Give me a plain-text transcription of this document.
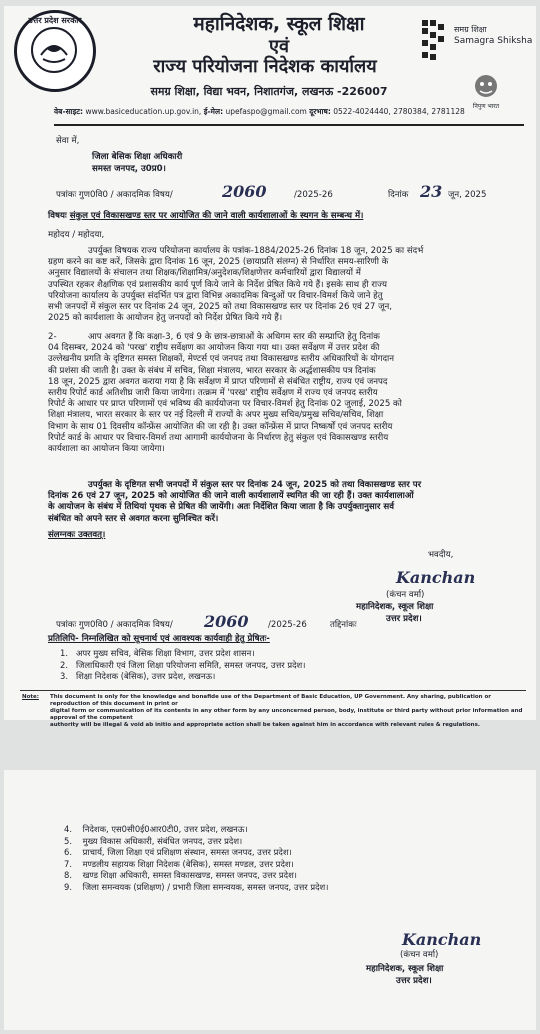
उत्तर प्रदेश सरकार	महानिदेशक, स्कूल शिक्षा
एवं
राज्य परियोजना निदेशक कार्यालय
समग्र शिक्षा, विद्या भवन, निशातगंज, लखनऊ -226007
समग्र शिक्षा
Samagra Shiksha
निपुण भारत
वेब-साइट: www.basiceducation.up.gov.in, ई-मेल: upefaspo@gmail.com दूरभाष: 0522-4024440, 2780384, 2781128
सेवा में,
जिला बेसिक शिक्षा अधिकारी
समस्त जनपद, उ0प्र0।
पत्रांकः गुण0वि0 / अकादमिक विषय/	2060	/2025-26	दिनांक 23 जून, 2025
विषयः संकुल एवं विकासखण्ड स्तर पर आयोजित की जाने वाली कार्यशालाओं के स्थगन के सम्बन्ध में।
महोदय / महोदया,
उपर्युक्त विषयक राज्य परियोजना कार्यालय के पत्रांक-1884/2025-26 दिनांक 18 जून, 2025 का संदर्भ
ग्रहण करने का कष्ट करें, जिसके द्वारा दिनांक 16 जून, 2025 (छायाप्रति संलग्न) से निर्धारित समय-सारिणी के
अनुसार विद्यालयों के संचालन तथा शिक्षक/शिक्षामित्र/अनुदेशक/शिक्षणेत्तर कर्मचारियों द्वारा विद्यालयों में
उपस्थित रहकर शैक्षणिक एवं प्रशासकीय कार्य पूर्ण किये जाने के निर्देश प्रेषित किये गये हैं। इसके साथ ही राज्य
परियोजना कार्यालय के उपर्युक्त संदर्भित पत्र द्वारा विभिन्न अकादमिक बिन्दुओं पर विचार-विमर्श किये जाने हेतु
सभी जनपदों में संकुल स्तर पर दिनांक 24 जून, 2025 को तथा विकासखण्ड स्तर पर दिनांक 26 एवं 27 जून,
2025 को कार्यशाला के आयोजन हेतु जनपदों को निर्देश प्रेषित किये गये हैं।
2-	आप अवगत हैं कि कक्षा-3, 6 एवं 9 के छात्र-छात्राओं के अधिगम स्तर की सम्प्राप्ति हेतु दिनांक
04 दिसम्बर, 2024 को 'परख' राष्ट्रीय सर्वेक्षण का आयोजन किया गया था। उक्त सर्वेक्षण में उत्तर प्रदेश की
उल्लेखनीय प्रगति के दृष्टिगत समस्त शिक्षकों, मेण्टर्स एवं जनपद तथा विकासखण्ड स्तरीय अधिकारियों के योगदान
की प्रशंसा की जाती है। उक्त के संबंध में सचिव, शिक्षा मंत्रालय, भारत सरकार के अर्द्धशासकीय पत्र दिनांक
18 जून, 2025 द्वारा अवगत कराया गया है कि सर्वेक्षण में प्राप्त परिणामों से संबंधित राष्ट्रीय, राज्य एवं जनपद
स्तरीय रिपोर्ट कार्ड अतिशीघ्र जारी किया जायेगा। तत्क्रम में 'परख' राष्ट्रीय सर्वेक्षण में राज्य एवं जनपद स्तरीय
रिपोर्ट के आधार पर प्राप्त परिणामों एवं भविष्य की कार्ययोजना पर विचार-विमर्श हेतु दिनांक 02 जुलाई, 2025 को
शिक्षा मंत्रालय, भारत सरकार के स्तर पर नई दिल्ली में राज्यों के अपर मुख्य सचिव/प्रमुख सचिव/सचिव, शिक्षा
विभाग के साथ 01 दिवसीय कॉन्फ्रेंस आयोजित की जा रही है। उक्त कॉन्फ्रेंस में प्राप्त निष्कर्षों एवं जनपद स्तरीय
रिपोर्ट कार्ड के आधार पर विचार-विमर्श तथा आगामी कार्ययोजना के निर्धारण हेतु संकुल एवं विकासखण्ड स्तरीय
कार्यशाला का आयोजन किया जायेगा।
उपर्युक्त के दृष्टिगत सभी जनपदों में संकुल स्तर पर दिनांक 24 जून, 2025 को तथा विकासखण्ड स्तर पर
दिनांक 26 एवं 27 जून, 2025 को आयोजित की जाने वाली कार्यशालायें स्थगित की जा रही हैं। उक्त कार्यशालाओं
के आयोजन के संबंध में तिथियां पृथक से प्रेषित की जायेंगी। अतः निर्देशित किया जाता है कि उपर्युक्तानुसार सर्व
संबंधित को अपने स्तर से अवगत करना सुनिश्चित करें।
संलग्नकः उक्तवत्।
भवदीय,
Kanchan
(कंचन वर्मा)
महानिदेशक, स्कूल शिक्षा
उत्तर प्रदेश।
पत्रांकः गुण0वि0 / अकादमिक विषय/ 2060 /2025-26	तद्दिनांकः
प्रतिलिपि- निम्नलिखित को सूचनार्थ एवं आवश्यक कार्यवाही हेतु प्रेषितः-
1. अपर मुख्य सचिव, बेसिक शिक्षा विभाग, उत्तर प्रदेश शासन।
2. जिलाधिकारी एवं जिला शिक्षा परियोजना समिति, समस्त जनपद, उत्तर प्रदेश।
3. शिक्षा निदेशक (बेसिक), उत्तर प्रदेश, लखनऊ।
Note: This document is only for the knowledge and bonafide use of the Department of Basic Education, UP Government. Any sharing, publication or reproduction of this document in print or
digital form or communication of its contents in any other form by any unconcerned person, body, institute or third party without prior information and approval of the competent
authority will be illegal & void ab initio and appropriate action shall be taken against him in accordance with relevant rules & regulations.
4. निदेशक, एस0सी0ई0आर0टी0, उत्तर प्रदेश, लखनऊ।
5. मुख्य विकास अधिकारी, संबंधित जनपद, उत्तर प्रदेश।
6. प्राचार्य, जिला शिक्षा एवं प्रशिक्षण संस्थान, समस्त जनपद, उत्तर प्रदेश।
7. मण्डलीय सहायक शिक्षा निदेशक (बेसिक), समस्त मण्डल, उत्तर प्रदेश।
8. खण्ड शिक्षा अधिकारी, समस्त विकासखण्ड, समस्त जनपद, उत्तर प्रदेश।
9. जिला समन्वयक (प्रशिक्षण) / प्रभारी जिला समन्वयक, समस्त जनपद, उत्तर प्रदेश।
Kanchan
(कंचन वर्मा)
महानिदेशक, स्कूल शिक्षा
उत्तर प्रदेश।
